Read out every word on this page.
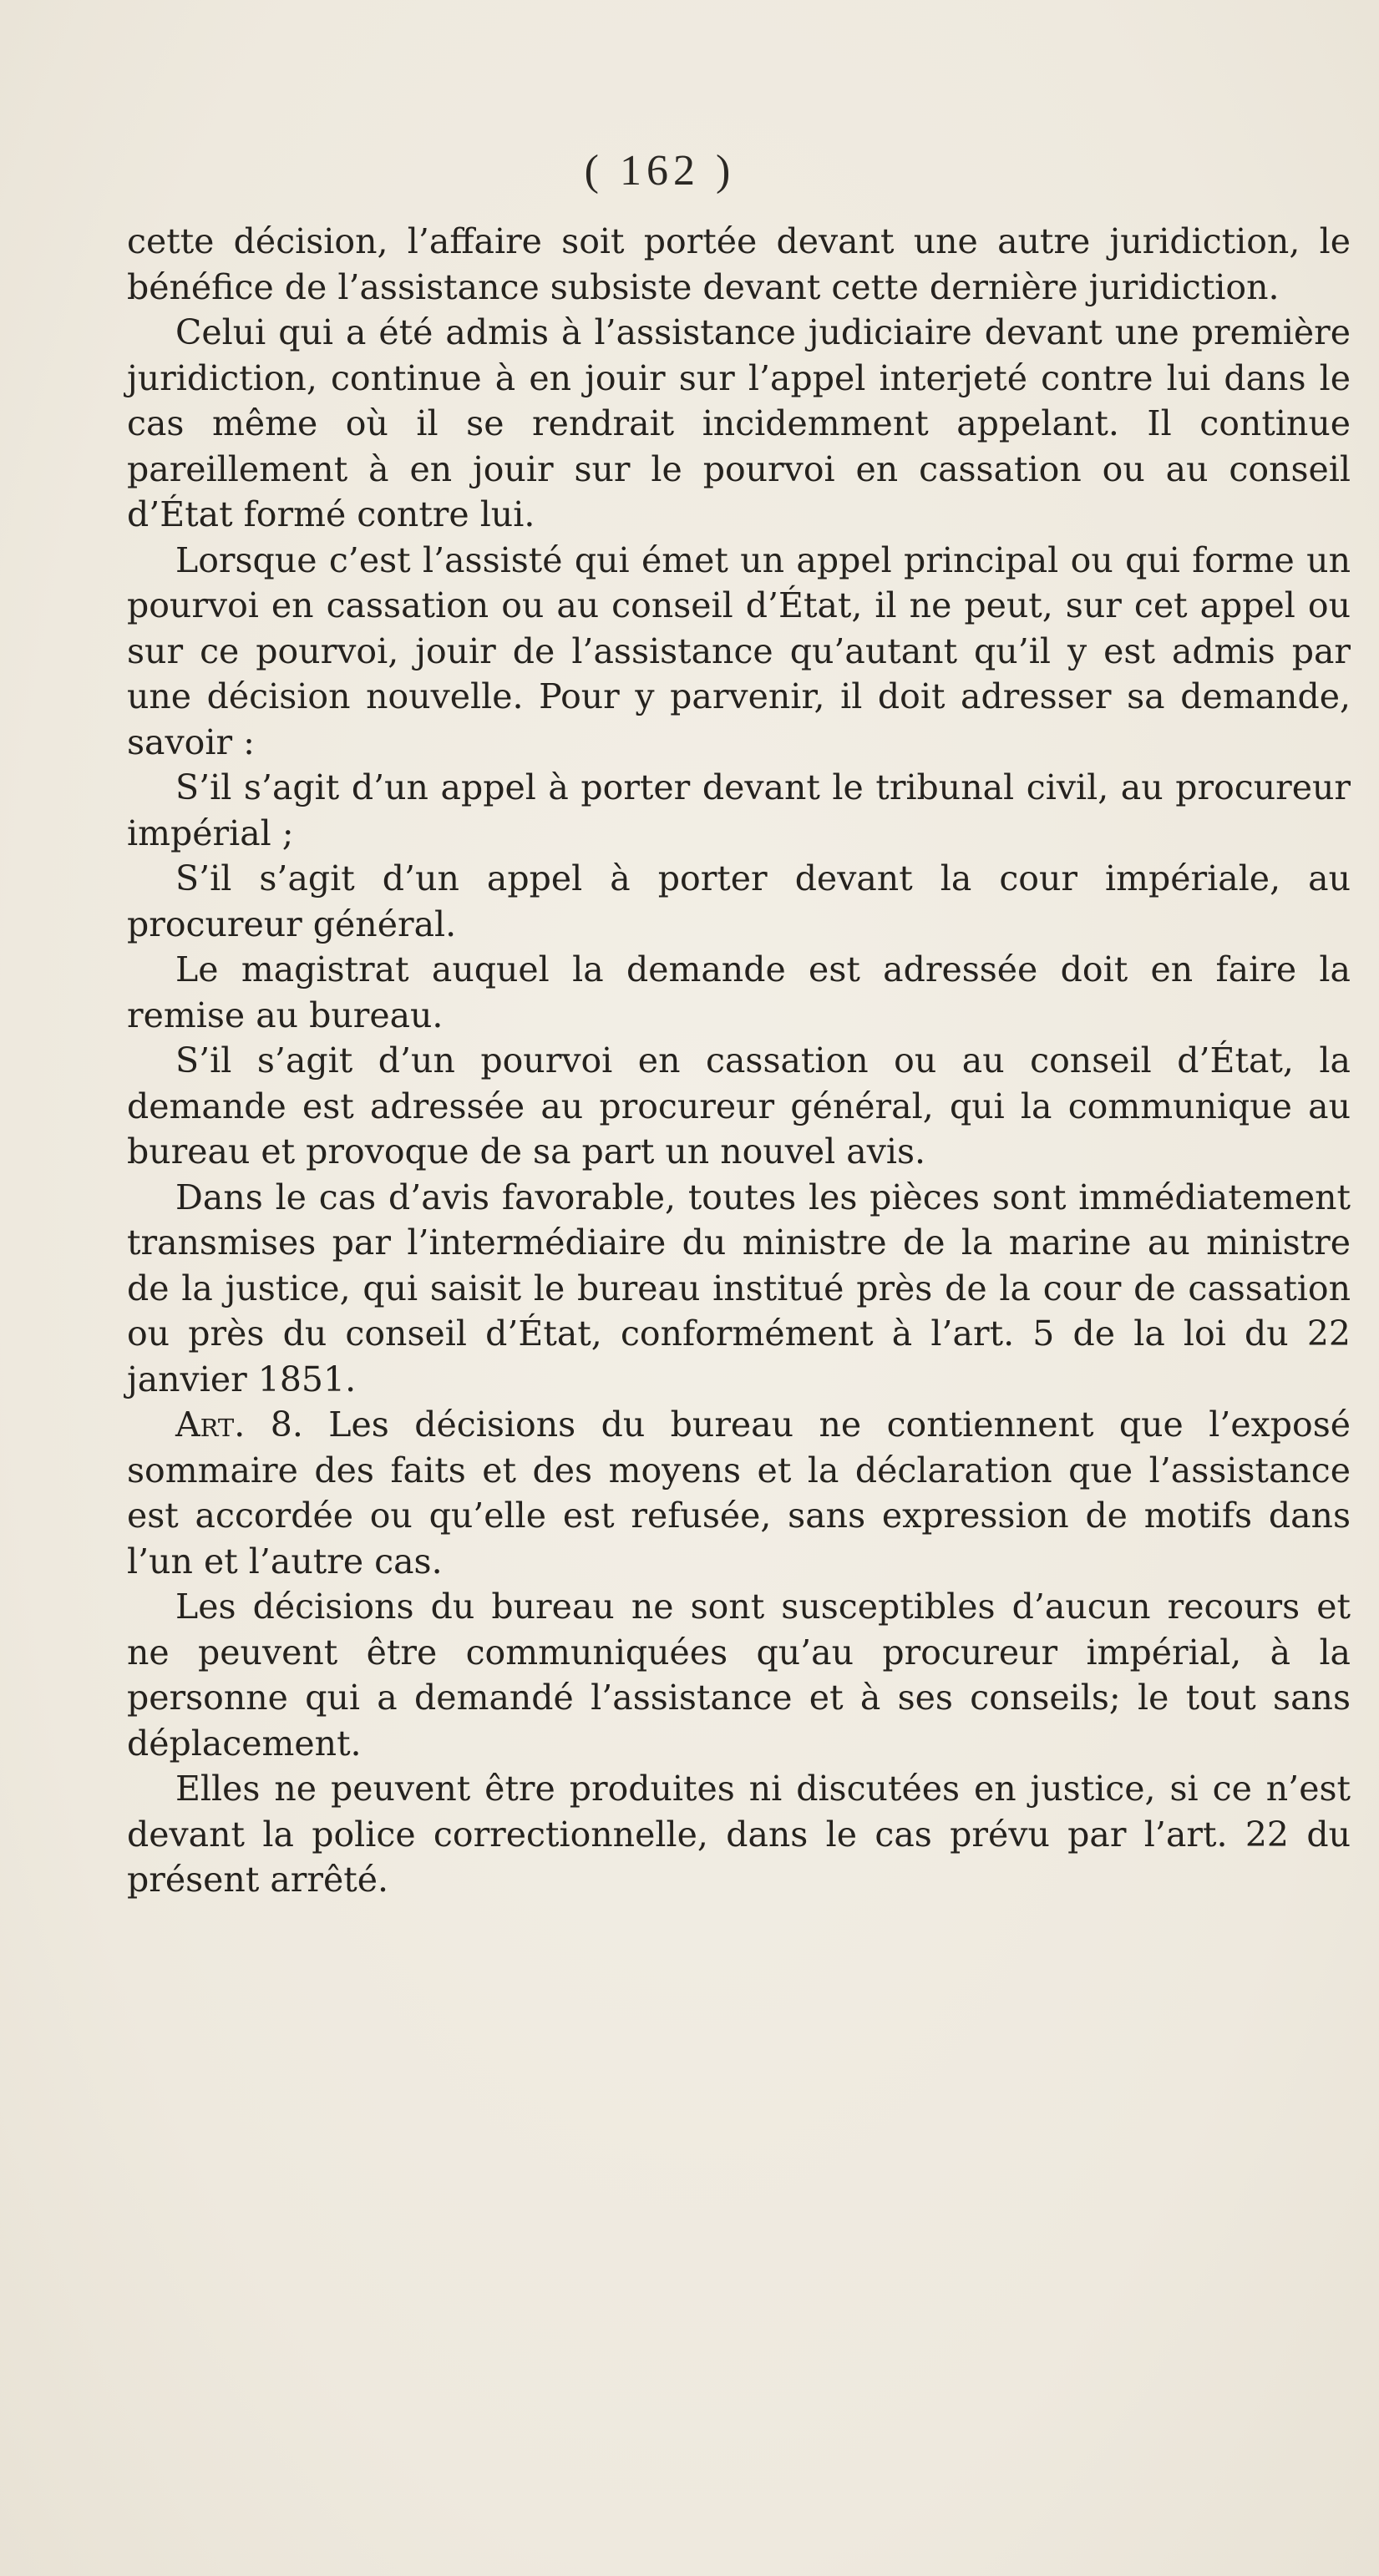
( 162 )

cette décision, l’affaire soit portée devant une autre juridiction, le bénéfice de l’assistance subsiste devant cette dernière juridiction.

Celui qui a été admis à l’assistance judiciaire devant une première juridiction, continue à en jouir sur l’appel interjeté contre lui dans le cas même où il se rendrait incidemment appelant. Il continue pareillement à en jouir sur le pourvoi en cassation ou au conseil d’État formé contre lui.

Lorsque c’est l’assisté qui émet un appel principal ou qui forme un pourvoi en cassation ou au conseil d’État, il ne peut, sur cet appel ou sur ce pourvoi, jouir de l’assistance qu’autant qu’il y est admis par une décision nouvelle. Pour y parvenir, il doit adresser sa demande, savoir :

S’il s’agit d’un appel à porter devant le tribunal civil, au procureur impérial ;

S’il s’agit d’un appel à porter devant la cour impériale, au procureur général.

Le magistrat auquel la demande est adressée doit en faire la remise au bureau.

S’il s’agit d’un pourvoi en cassation ou au conseil d’État, la demande est adressée au procureur général, qui la communique au bureau et provoque de sa part un nouvel avis.

Dans le cas d’avis favorable, toutes les pièces sont immédiatement transmises par l’intermédiaire du ministre de la marine au ministre de la justice, qui saisit le bureau institué près de la cour de cassation ou près du conseil d’État, conformément à l’art. 5 de la loi du 22 janvier 1851.

Art. 8. Les décisions du bureau ne contiennent que l’exposé sommaire des faits et des moyens et la déclaration que l’assistance est accordée ou qu’elle est refusée, sans expression de motifs dans l’un et l’autre cas.

Les décisions du bureau ne sont susceptibles d’aucun recours et ne peuvent être communiquées qu’au procureur impérial, à la personne qui a demandé l’assistance et à ses conseils; le tout sans déplacement.

Elles ne peuvent être produites ni discutées en justice, si ce n’est devant la police correctionnelle, dans le cas prévu par l’art. 22 du présent arrêté.
